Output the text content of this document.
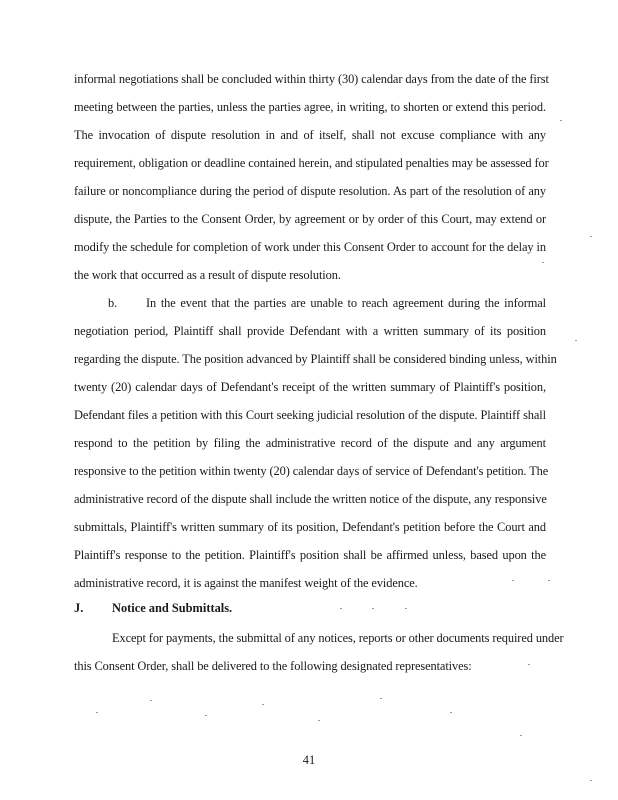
informal negotiations shall be concluded within thirty (30) calendar days from the date of the first
meeting between the parties, unless the parties agree, in writing, to shorten or extend this period.
The invocation of dispute resolution in and of itself, shall not excuse compliance with any
requirement, obligation or deadline contained herein, and stipulated penalties may be assessed for
failure or noncompliance during the period of dispute resolution. As part of the resolution of any
dispute, the Parties to the Consent Order, by agreement or by order of this Court, may extend or
modify the schedule for completion of work under this Consent Order to account for the delay in
the work that occurred as a result of dispute resolution.
b. In the event that the parties are unable to reach agreement during the informal
negotiation period, Plaintiff shall provide Defendant with a written summary of its position
regarding the dispute. The position advanced by Plaintiff shall be considered binding unless, within
twenty (20) calendar days of Defendant's receipt of the written summary of Plaintiff's position,
Defendant files a petition with this Court seeking judicial resolution of the dispute. Plaintiff shall
respond to the petition by filing the administrative record of the dispute and any argument
responsive to the petition within twenty (20) calendar days of service of Defendant's petition. The
administrative record of the dispute shall include the written notice of the dispute, any responsive
submittals, Plaintiff's written summary of its position, Defendant's petition before the Court and
Plaintiff's response to the petition. Plaintiff's position shall be affirmed unless, based upon the
administrative record, it is against the manifest weight of the evidence.
J. Notice and Submittals.
Except for payments, the submittal of any notices, reports or other documents required under
this Consent Order, shall be delivered to the following designated representatives:
41
